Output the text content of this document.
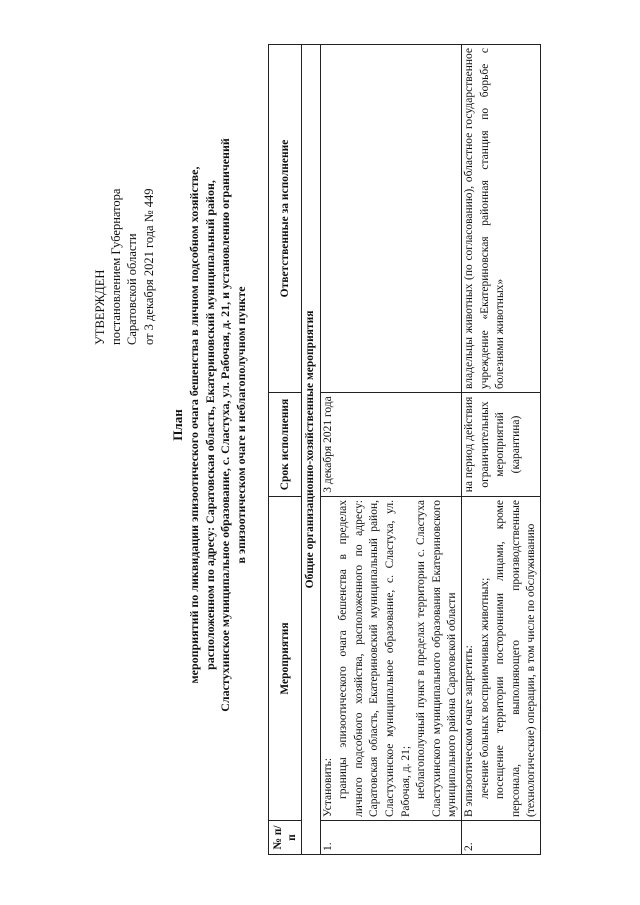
УТВЕРЖДЕН постановлением Губернатора Саратовской области от 3 декабря 2021 года № 449
План мероприятий по ликвидации эпизоотического очага бешенства в личном подсобном хозяйстве, расположенном по адресу: Саратовская область, Екатериновский муниципальный район, Сластухинское муниципальное образование, с. Сластуха, ул. Рабочая, д. 21, и установлению ограничений в эпизоотическом очаге и неблагополучном пункте
№ п/п	Мероприятия	Срок исполнения	Ответственные за исполнение
Общие организационно-хозяйственные мероприятия			
1.	Установить: границы эпизоотического очага бешенства в пределах личного подсобного хозяйства, расположенного по адресу: Саратовская область, Екатериновский муниципальный район, Сластухинское муниципальное образование, с. Сластуха, ул. Рабочая, д. 21; неблагополучный пункт в пределах территории с. Сластуха Сластухинского муниципального образования Екатериновского муниципального района Саратовской области	3 декабря 2021 года	
2.	В эпизоотическом очаге запретить: лечение больных восприимчивых животных; посещение территории посторонними лицами, кроме персонала, выполняющего производственные (технологические) операции, в том числе по обслуживанию	на период действия ограничительных мероприятий (карантина)	владельцы животных (по согласованию), областное государственное учреждение «Екатериновская районная станция по борьбе с болезнями животных»
